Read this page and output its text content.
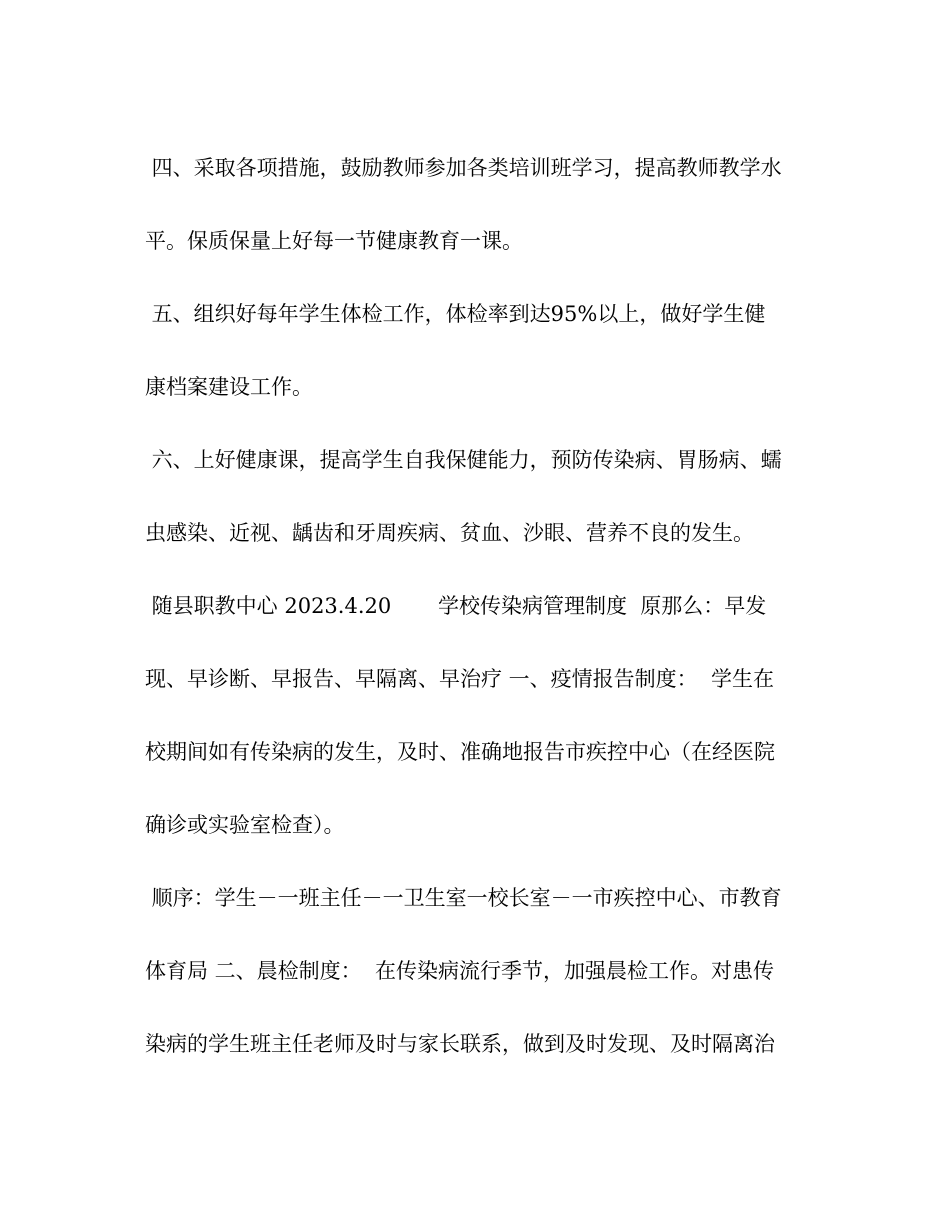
四、采取各项措施，鼓励教师参加各类培训班学习，提高教师教学水
平。保质保量上好每一节健康教育一课。
五、组织好每年学生体检工作，体检率到达95%以上，做好学生健
康档案建设工作。
六、上好健康课，提高学生自我保健能力，预防传染病、胃肠病、蠕
虫感染、近视、龋齿和牙周疾病、贫血、沙眼、营养不良的发生。
随县职教中心 2023.4.20       学校传染病管理制度  原那么：早发
现、早诊断、早报告、早隔离、早治疗 一、疫情报告制度：  学生在
校期间如有传染病的发生，及时、准确地报告市疾控中心（在经医院
确诊或实验室检查）。
顺序：学生－一班主任－一卫生室一校长室－一市疾控中心、市教育
体育局 二、晨检制度：  在传染病流行季节，加强晨检工作。对患传
染病的学生班主任老师及时与家长联系，做到及时发现、及时隔离治
